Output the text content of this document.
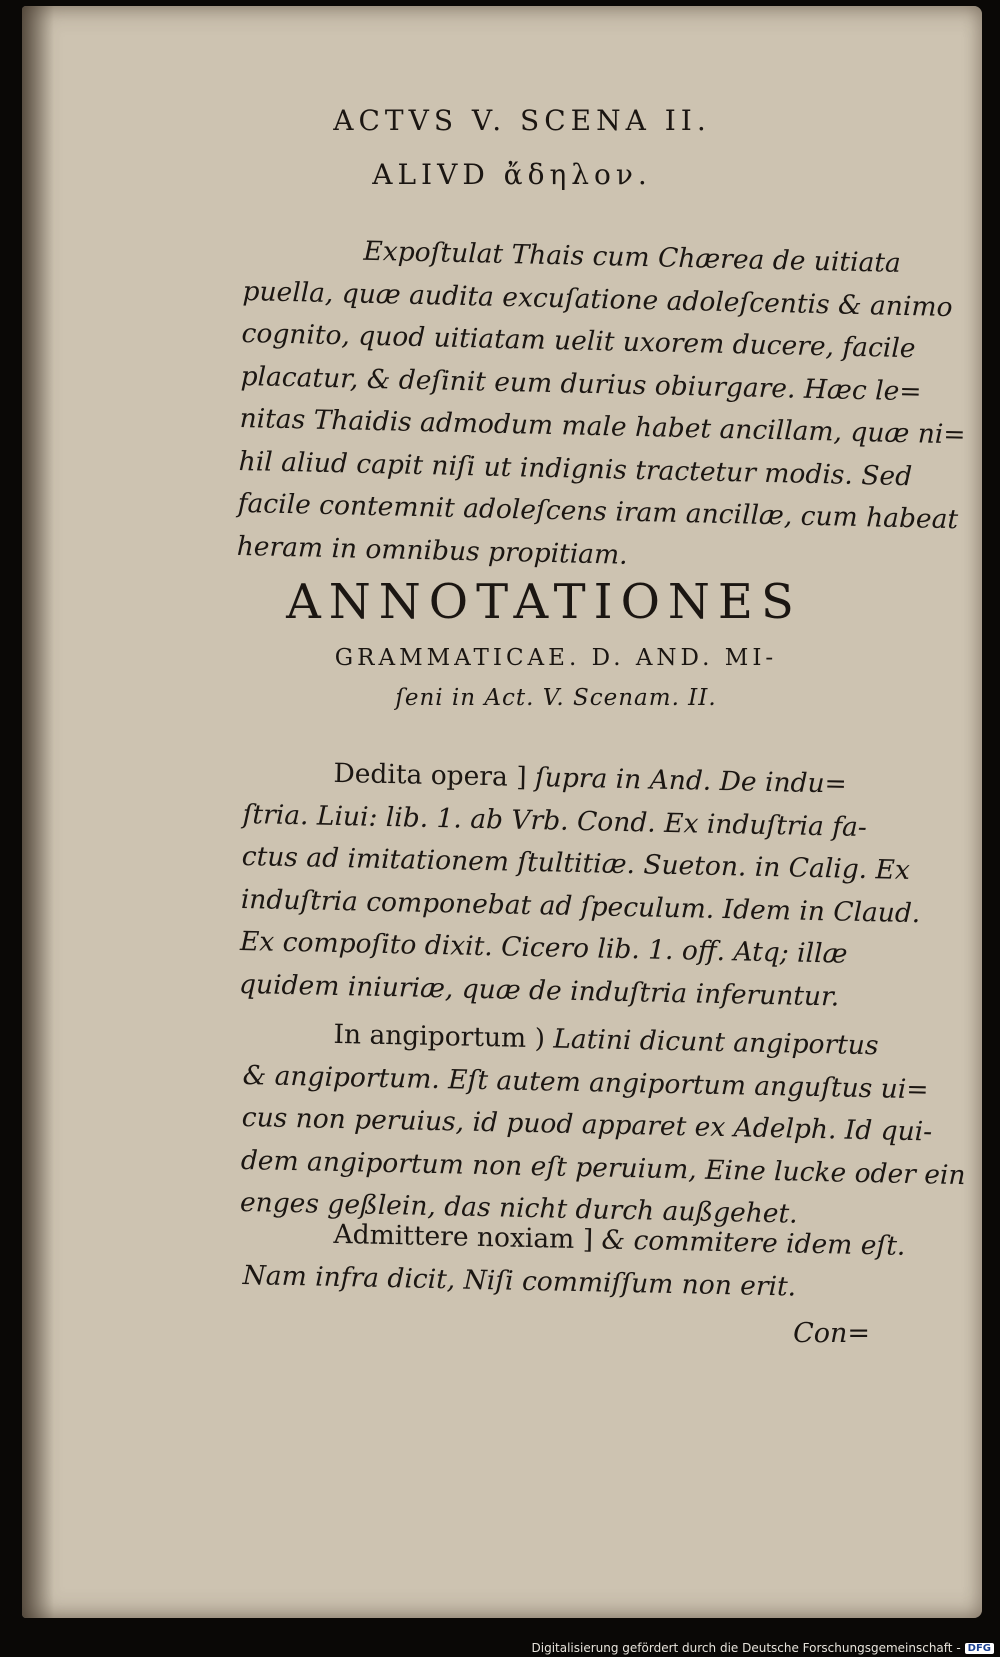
ACTVS V. SCENA II.
ALIVD ἄδηλον.
Expoſtulat Thais cum Chærea de uitiata
puella, quæ audita excuſatione adoleſcentis & animo
cognito, quod uitiatam uelit uxorem ducere, facile
placatur, & deſinit eum durius obiurgare. Hæc le=
nitas Thaidis admodum male habet ancillam, quæ ni=
hil aliud capit niſi ut indignis tractetur modis. Sed
facile contemnit adoleſcens iram ancillæ, cum habeat
heram in omnibus propitiam.
ANNOTATIONES
GRAMMATICAE. D. AND. MI-
ſeni in Act. V. Scenam. II.
Dedita opera ] ſupra in And. De indu=
ſtria. Liui: lib. 1. ab Vrb. Cond. Ex induſtria fa-
ctus ad imitationem ſtultitiæ. Sueton. in Calig. Ex
induſtria componebat ad ſpeculum. Idem in Claud.
Ex compoſito dixit. Cicero lib. 1. off. Atq; illæ
quidem iniuriæ, quæ de induſtria inferuntur.
In angiportum ) Latini dicunt angiportus
& angiportum. Eſt autem angiportum anguſtus ui=
cus non peruius, id puod apparet ex Adelph. Id qui-
dem angiportum non eſt peruium, Eine lucke oder ein
enges geßlein, das nicht durch außgehet.
Admittere noxiam ] & commitere idem eſt.
Nam infra dicit, Niſi commiſſum non erit.
Con=
Digitalisierung gefördert durch die Deutsche Forschungsgemeinschaft - DFG
